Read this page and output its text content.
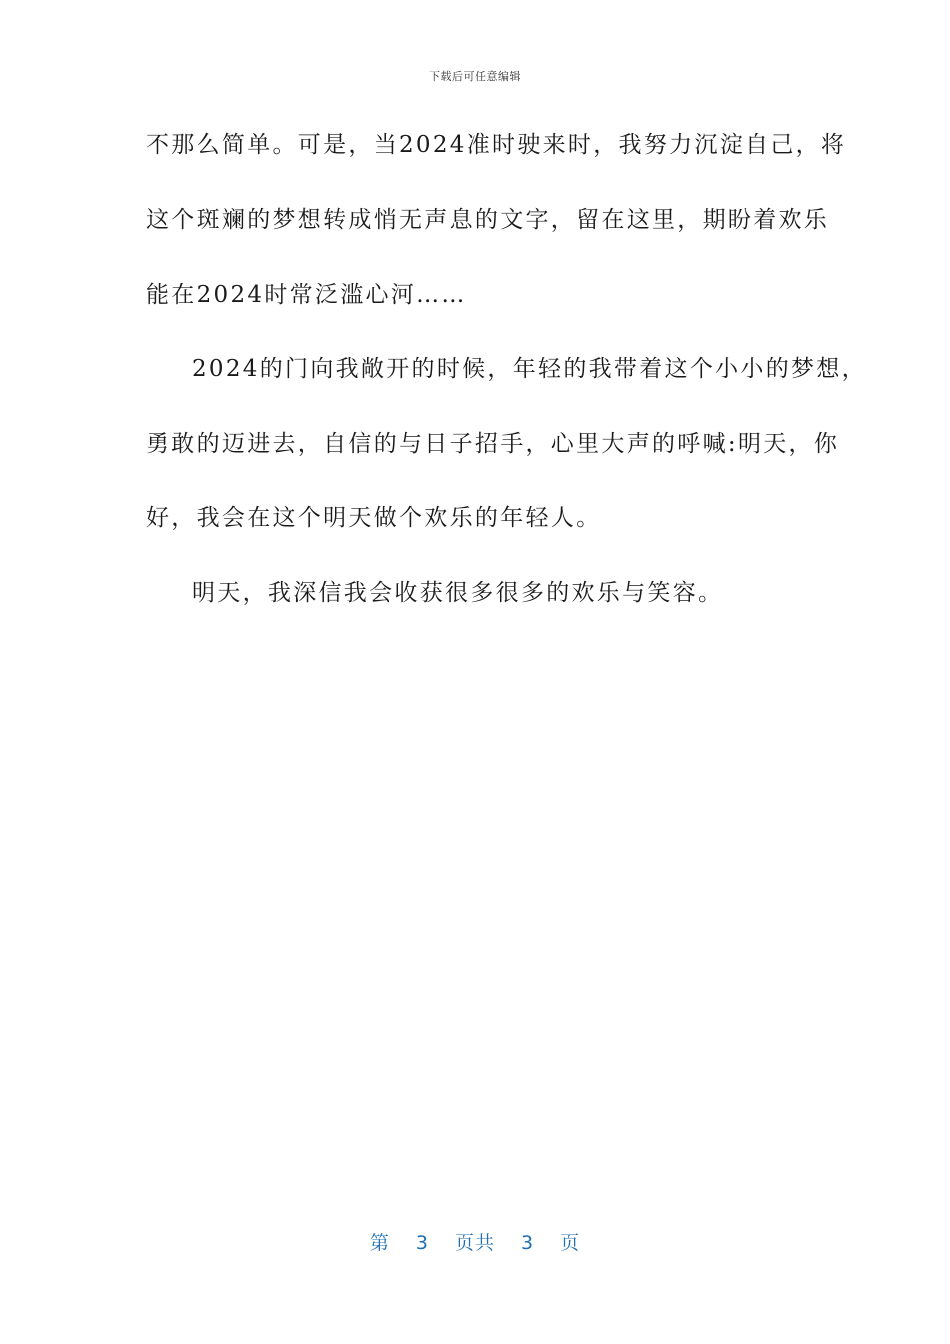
下载后可任意编辑
不那么简单。可是，当2024准时驶来时，我努力沉淀自己，将
这个斑斓的梦想转成悄无声息的文字，留在这里，期盼着欢乐
能在2024时常泛滥心河……
2024的门向我敞开的时候，年轻的我带着这个小小的梦想，
勇敢的迈进去，自信的与日子招手，心里大声的呼喊:明天，你
好，我会在这个明天做个欢乐的年轻人。
明天，我深信我会收获很多很多的欢乐与笑容。
第 3 页共 3 页
